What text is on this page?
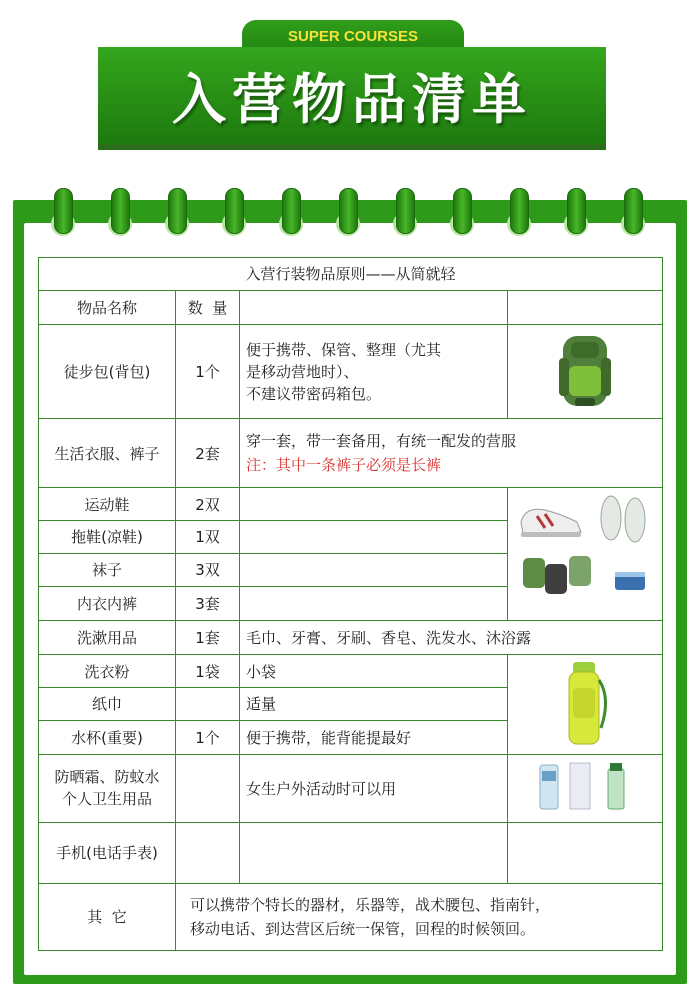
SUPER COURSES
入营物品清单
入营行装物品原则——从简就轻			
物品名称	数  量		
徒步包(背包)	1个	便于携带、保管、整理（尤其
是移动营地时）、
不建议带密码箱包。

生活衣服、裤子	2套	穿一套，带一套备用，有统一配发的营服
注：其中一条裤子必须是长裤	

运动鞋	2双		
拖鞋(凉鞋)	1双		
袜子	3双		
内衣内裤	3套		
洗漱用品	1套	毛巾、牙膏、牙刷、香皂、洗发水、沐浴露	
洗衣粉	1袋	小袋	
纸巾		适量	
水杯(重要)	1个	便于携带，能背能提最好	

防晒霜、防蚊水
个人卫生用品		女生户外活动时可以用	
手机(电话手表)			
其  它	可以携带个特长的器材，乐器等，战术腰包、指南针，
移动电话、到达营区后统一保管，回程的时候领回。		
